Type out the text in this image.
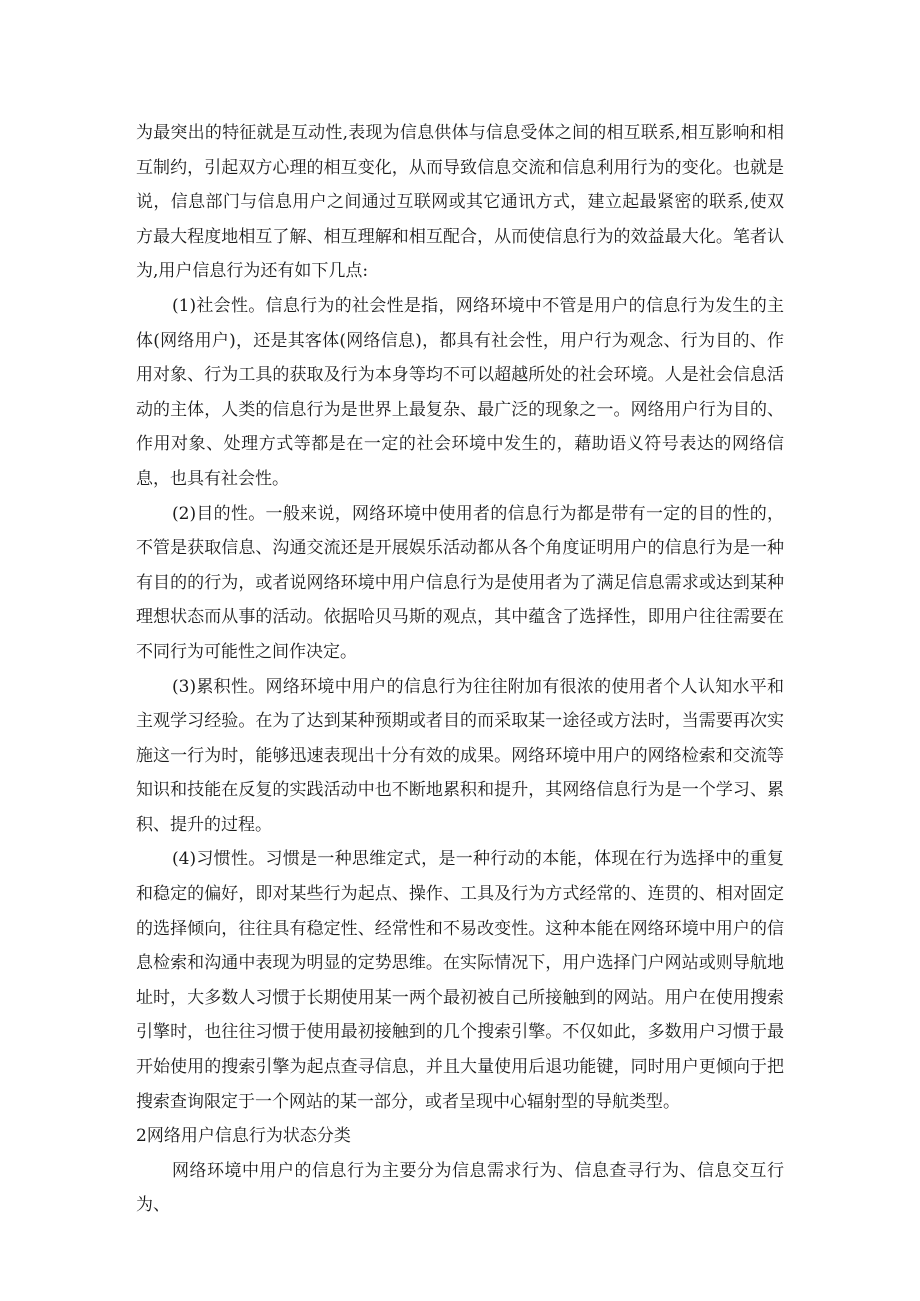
为最突出的特征就是互动性,表现为信息供体与信息受体之间的相互联系,相互影响和相互制约，引起双方心理的相互变化，从而导致信息交流和信息利用行为的变化。也就是说，信息部门与信息用户之间通过互联网或其它通讯方式，建立起最紧密的联系,使双方最大程度地相互了解、相互理解和相互配合，从而使信息行为的效益最大化。笔者认为,用户信息行为还有如下几点:

(1)社会性。信息行为的社会性是指，网络环境中不管是用户的信息行为发生的主体(网络用户)，还是其客体(网络信息)，都具有社会性，用户行为观念、行为目的、作用对象、行为工具的获取及行为本身等均不可以超越所处的社会环境。人是社会信息活动的主体，人类的信息行为是世界上最复杂、最广泛的现象之一。网络用户行为目的、作用对象、处理方式等都是在一定的社会环境中发生的，藉助语义符号表达的网络信息，也具有社会性。

(2)目的性。一般来说，网络环境中使用者的信息行为都是带有一定的目的性的，不管是获取信息、沟通交流还是开展娱乐活动都从各个角度证明用户的信息行为是一种有目的的行为，或者说网络环境中用户信息行为是使用者为了满足信息需求或达到某种理想状态而从事的活动。依据哈贝马斯的观点，其中蕴含了选择性，即用户往往需要在不同行为可能性之间作决定。

(3)累积性。网络环境中用户的信息行为往往附加有很浓的使用者个人认知水平和主观学习经验。在为了达到某种预期或者目的而采取某一途径或方法时，当需要再次实施这一行为时，能够迅速表现出十分有效的成果。网络环境中用户的网络检索和交流等知识和技能在反复的实践活动中也不断地累积和提升，其网络信息行为是一个学习、累积、提升的过程。

(4)习惯性。习惯是一种思维定式，是一种行动的本能，体现在行为选择中的重复和稳定的偏好，即对某些行为起点、操作、工具及行为方式经常的、连贯的、相对固定的选择倾向，往往具有稳定性、经常性和不易改变性。这种本能在网络环境中用户的信息检索和沟通中表现为明显的定势思维。在实际情况下，用户选择门户网站或则导航地址时，大多数人习惯于长期使用某一两个最初被自己所接触到的网站。用户在使用搜索引擎时，也往往习惯于使用最初接触到的几个搜索引擎。不仅如此，多数用户习惯于最开始使用的搜索引擎为起点查寻信息，并且大量使用后退功能键，同时用户更倾向于把搜索查询限定于一个网站的某一部分，或者呈现中心辐射型的导航类型。

2网络用户信息行为状态分类

网络环境中用户的信息行为主要分为信息需求行为、信息查寻行为、信息交互行为、
